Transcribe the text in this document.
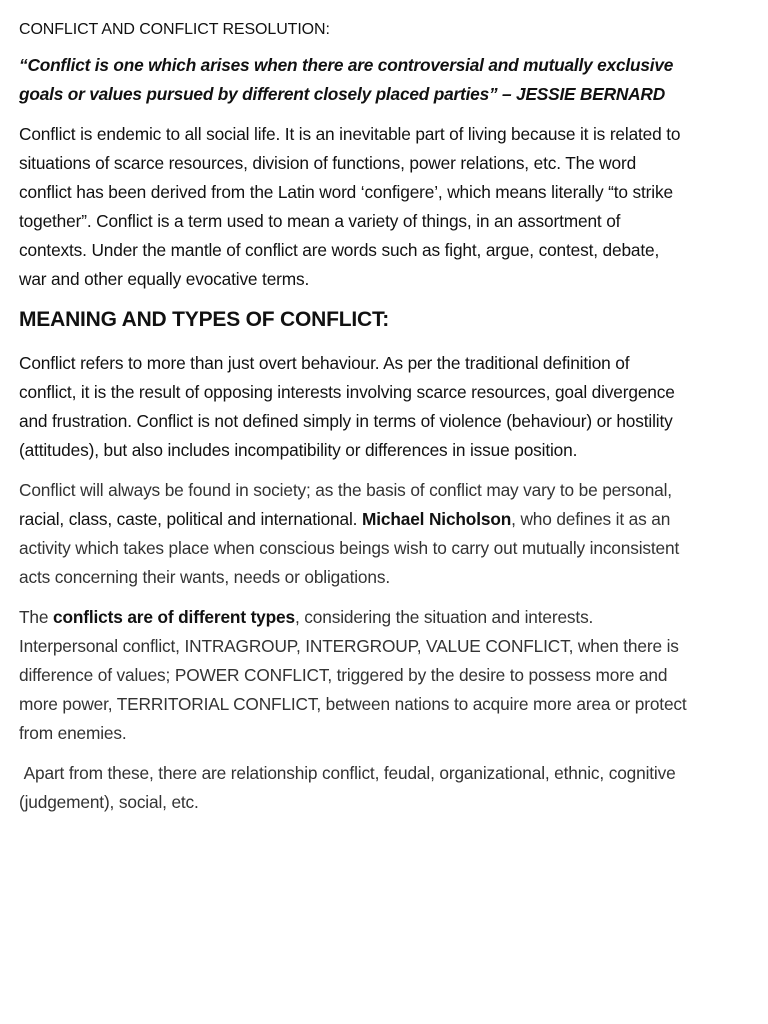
CONFLICT AND CONFLICT RESOLUTION:
“Conflict is one which arises when there are controversial and mutually exclusive goals or values pursued by different closely placed parties” – JESSIE BERNARD

Conflict is endemic to all social life. It is an inevitable part of living because it is related to situations of scarce resources, division of functions, power relations, etc. The word conflict has been derived from the Latin word ‘configere’, which means literally “to strike together”. Conflict is a term used to mean a variety of things, in an assortment of contexts. Under the mantle of conflict are words such as fight, argue, contest, debate, war and other equally evocative terms.

MEANING AND TYPES OF CONFLICT:

Conflict refers to more than just overt behaviour. As per the traditional definition of conflict, it is the result of opposing interests involving scarce resources, goal divergence and frustration. Conflict is not defined simply in terms of violence (behaviour) or hostility (attitudes), but also includes incompatibility or differences in issue position.

Conflict will always be found in society; as the basis of conflict may vary to be personal, racial, class, caste, political and international. Michael Nicholson, who defines it as an activity which takes place when conscious beings wish to carry out mutually inconsistent acts concerning their wants, needs or obligations.

The conflicts are of different types, considering the situation and interests. Interpersonal conflict, INTRAGROUP, INTERGROUP, VALUE CONFLICT, when there is difference of values; POWER CONFLICT, triggered by the desire to possess more and more power, TERRITORIAL CONFLICT, between nations to acquire more area or protect from enemies.

Apart from these, there are relationship conflict, feudal, organizational, ethnic, cognitive (judgement), social, etc.
